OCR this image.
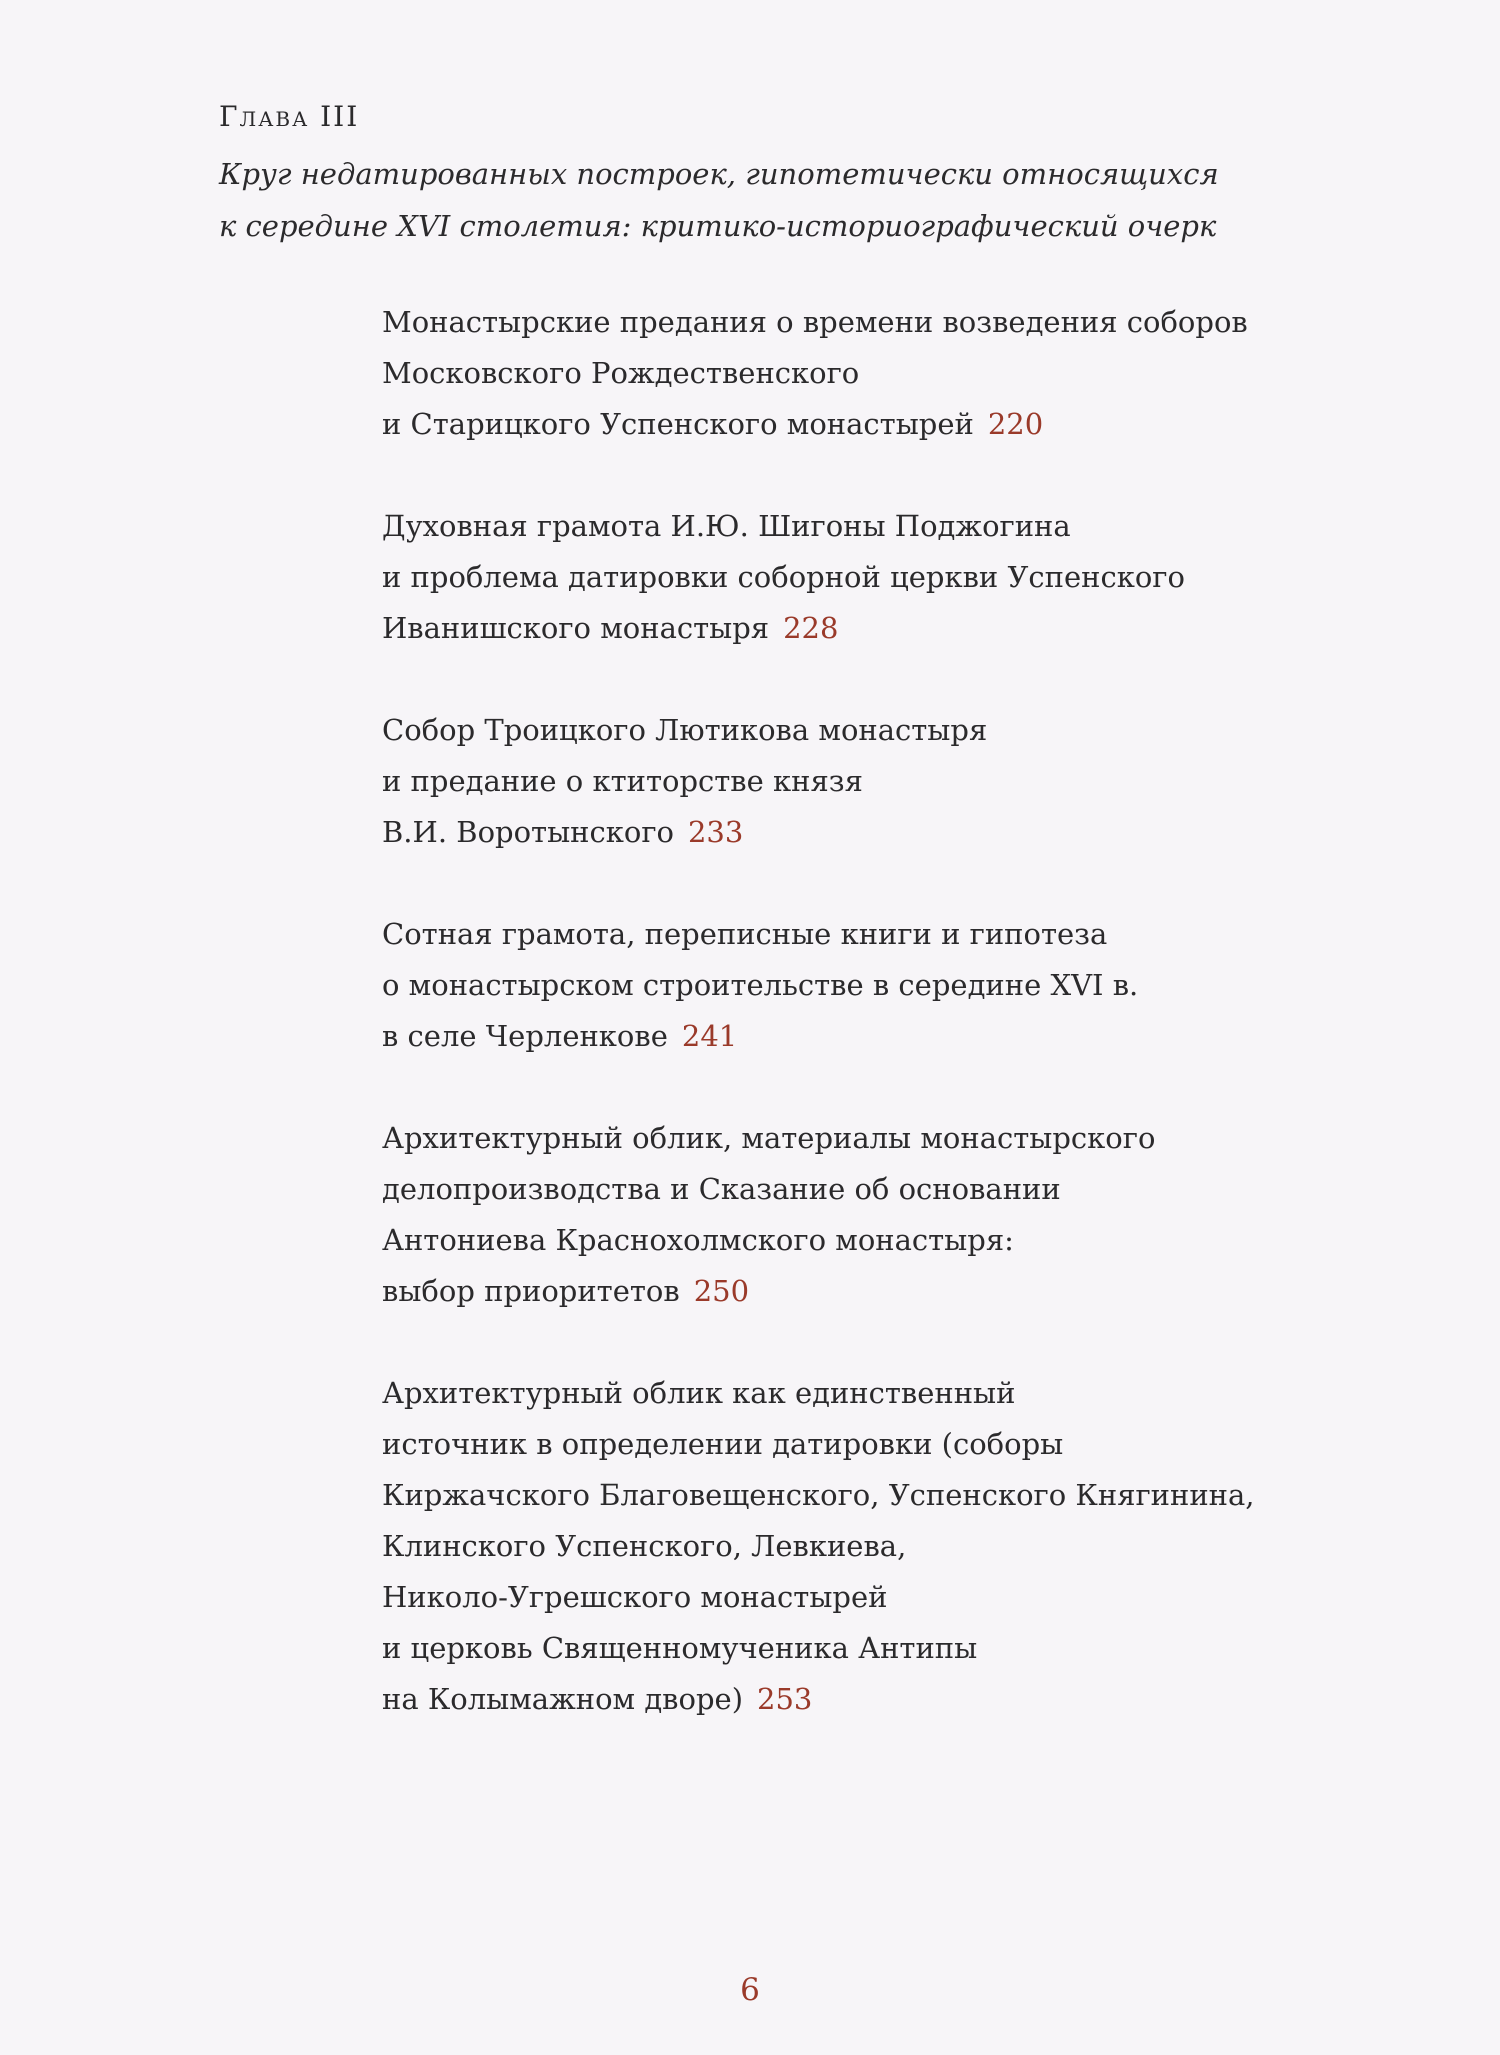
Глава III
Круг недатированных построек, гипотетически относящихся
к середине XVI столетия: критико-историографический очерк
Монастырские предания о времени возведения соборов
Московского Рождественского
и Старицкого Успенского монастырей 220
Духовная грамота И.Ю. Шигоны Поджогина
и проблема датировки соборной церкви Успенского
Иванишского монастыря 228
Собор Троицкого Лютикова монастыря
и предание о ктиторстве князя
В.И. Воротынского 233
Сотная грамота, переписные книги и гипотеза
о монастырском строительстве в середине XVI в.
в селе Черленкове 241
Архитектурный облик, материалы монастырского
делопроизводства и Сказание об основании
Антониева Краснохолмского монастыря:
выбор приоритетов 250
Архитектурный облик как единственный
источник в определении датировки (соборы
Киржачского Благовещенского, Успенского Княгинина,
Клинского Успенского, Левкиева,
Николо-Угрешского монастырей
и церковь Священномученика Антипы
на Колымажном дворе) 253
6
